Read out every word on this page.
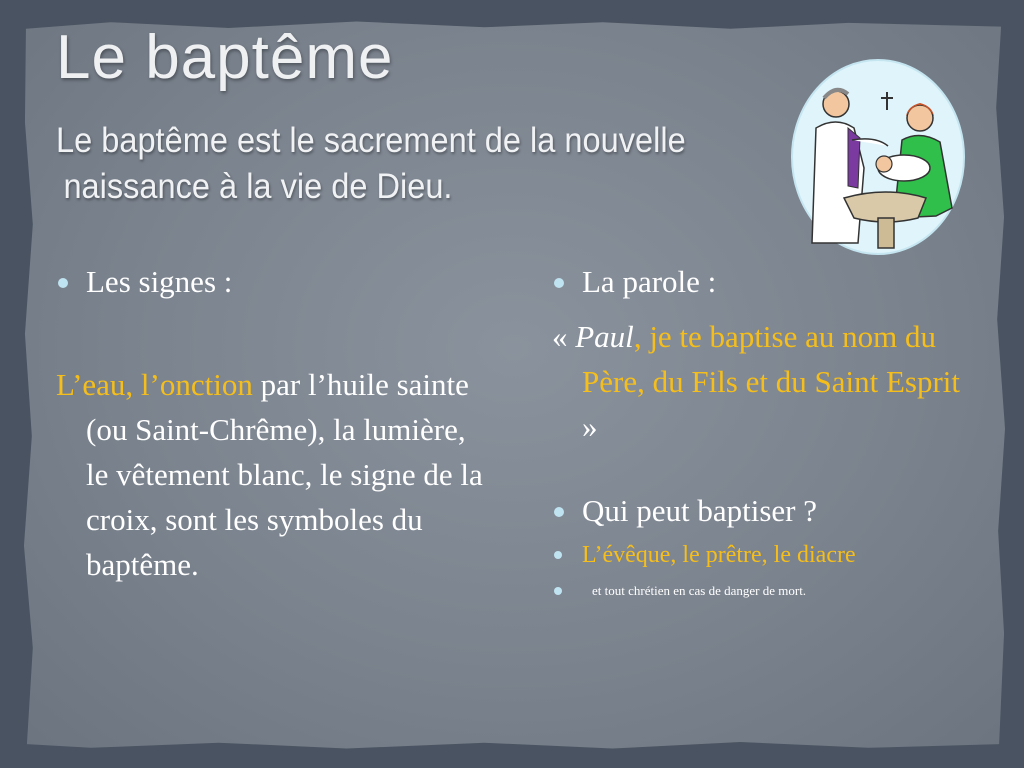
Le baptême
Le baptême est le sacrement de la nouvelle
naissance à la vie de Dieu.
Les signes :
L’eau, l’onction par l’huile sainte (ou Saint-Chrême), la lumière, le vêtement blanc, le signe de la croix, sont les symboles du baptême.
La parole :
« Paul, je te baptise au nom du Père, du Fils et du Saint Esprit »
Qui peut baptiser ?
L’évêque, le prêtre, le diacre
et tout chrétien en cas de danger de mort.
